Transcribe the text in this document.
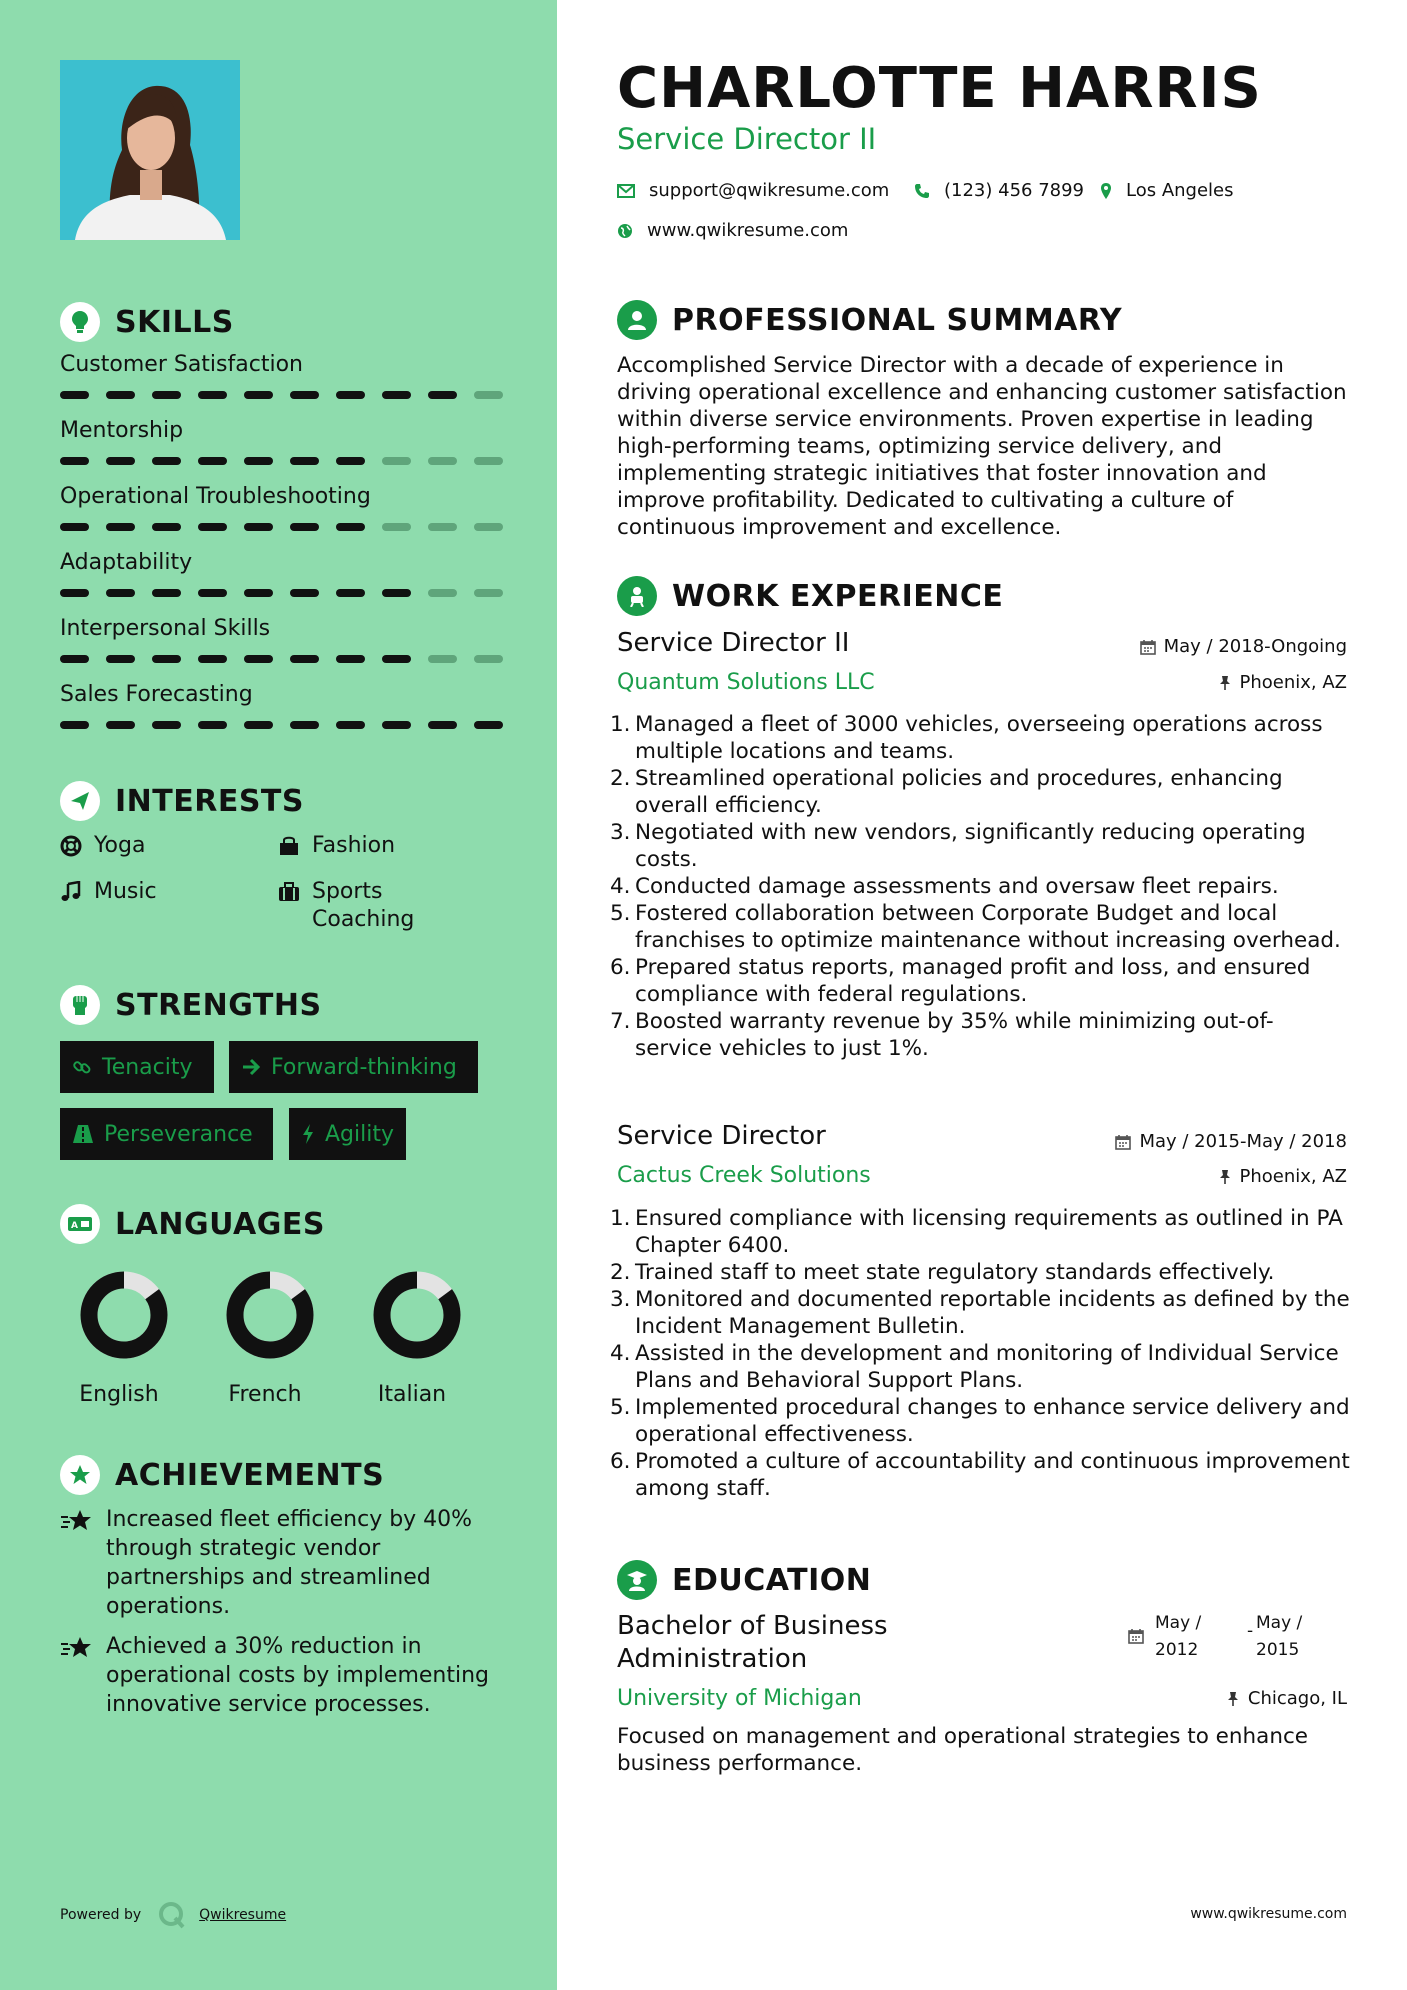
SKILLS
Customer Satisfaction
Mentorship
Operational Troubleshooting
Adaptability
Interpersonal Skills
Sales Forecasting
INTERESTS
Yoga	Fashion
Music	Sports Coaching
STRENGTHS
Tenacity	Forward-thinking
Perseverance	Agility
A LANGUAGES
English	French	Italian
ACHIEVEMENTS
Increased fleet efficiency by 40% through strategic vendor partnerships and streamlined operations.
Achieved a 30% reduction in operational costs by implementing innovative service processes.
Powered by	Qwikresume
CHARLOTTE HARRIS
Service Director II
support@qwikresume.com	(123) 456 7899 Los Angeles
www.qwikresume.com
PROFESSIONAL SUMMARY
Accomplished Service Director with a decade of experience in driving operational excellence and enhancing customer satisfaction within diverse service environments. Proven expertise in leading high-performing teams, optimizing service delivery, and implementing strategic initiatives that foster innovation and improve profitability. Dedicated to cultivating a culture of continuous improvement and excellence.
WORK EXPERIENCE
Service Director II	May / 2018-Ongoing
Quantum Solutions LLC	Phoenix, AZ
1. Managed a fleet of 3000 vehicles, overseeing operations across multiple locations and teams.
2. Streamlined operational policies and procedures, enhancing overall efficiency.
3. Negotiated with new vendors, significantly reducing operating costs.
4. Conducted damage assessments and oversaw fleet repairs.
5. Fostered collaboration between Corporate Budget and local franchises to optimize maintenance without increasing overhead.
6. Prepared status reports, managed profit and loss, and ensured compliance with federal regulations.
7. Boosted warranty revenue by 35% while minimizing out-of-service vehicles to just 1%.
Service Director	May / 2015-May / 2018
Cactus Creek Solutions	Phoenix, AZ
1. Ensured compliance with licensing requirements as outlined in PA Chapter 6400.
2. Trained staff to meet state regulatory standards effectively.
3. Monitored and documented reportable incidents as defined by the Incident Management Bulletin.
4. Assisted in the development and monitoring of Individual Service Plans and Behavioral Support Plans.
5. Implemented procedural changes to enhance service delivery and operational effectiveness.
6. Promoted a culture of accountability and continuous improvement among staff.
EDUCATION
Bachelor of Business Administration
May / 2012
- May / 2015
University of Michigan	Chicago, IL
Focused on management and operational strategies to enhance business performance.
www.qwikresume.com
